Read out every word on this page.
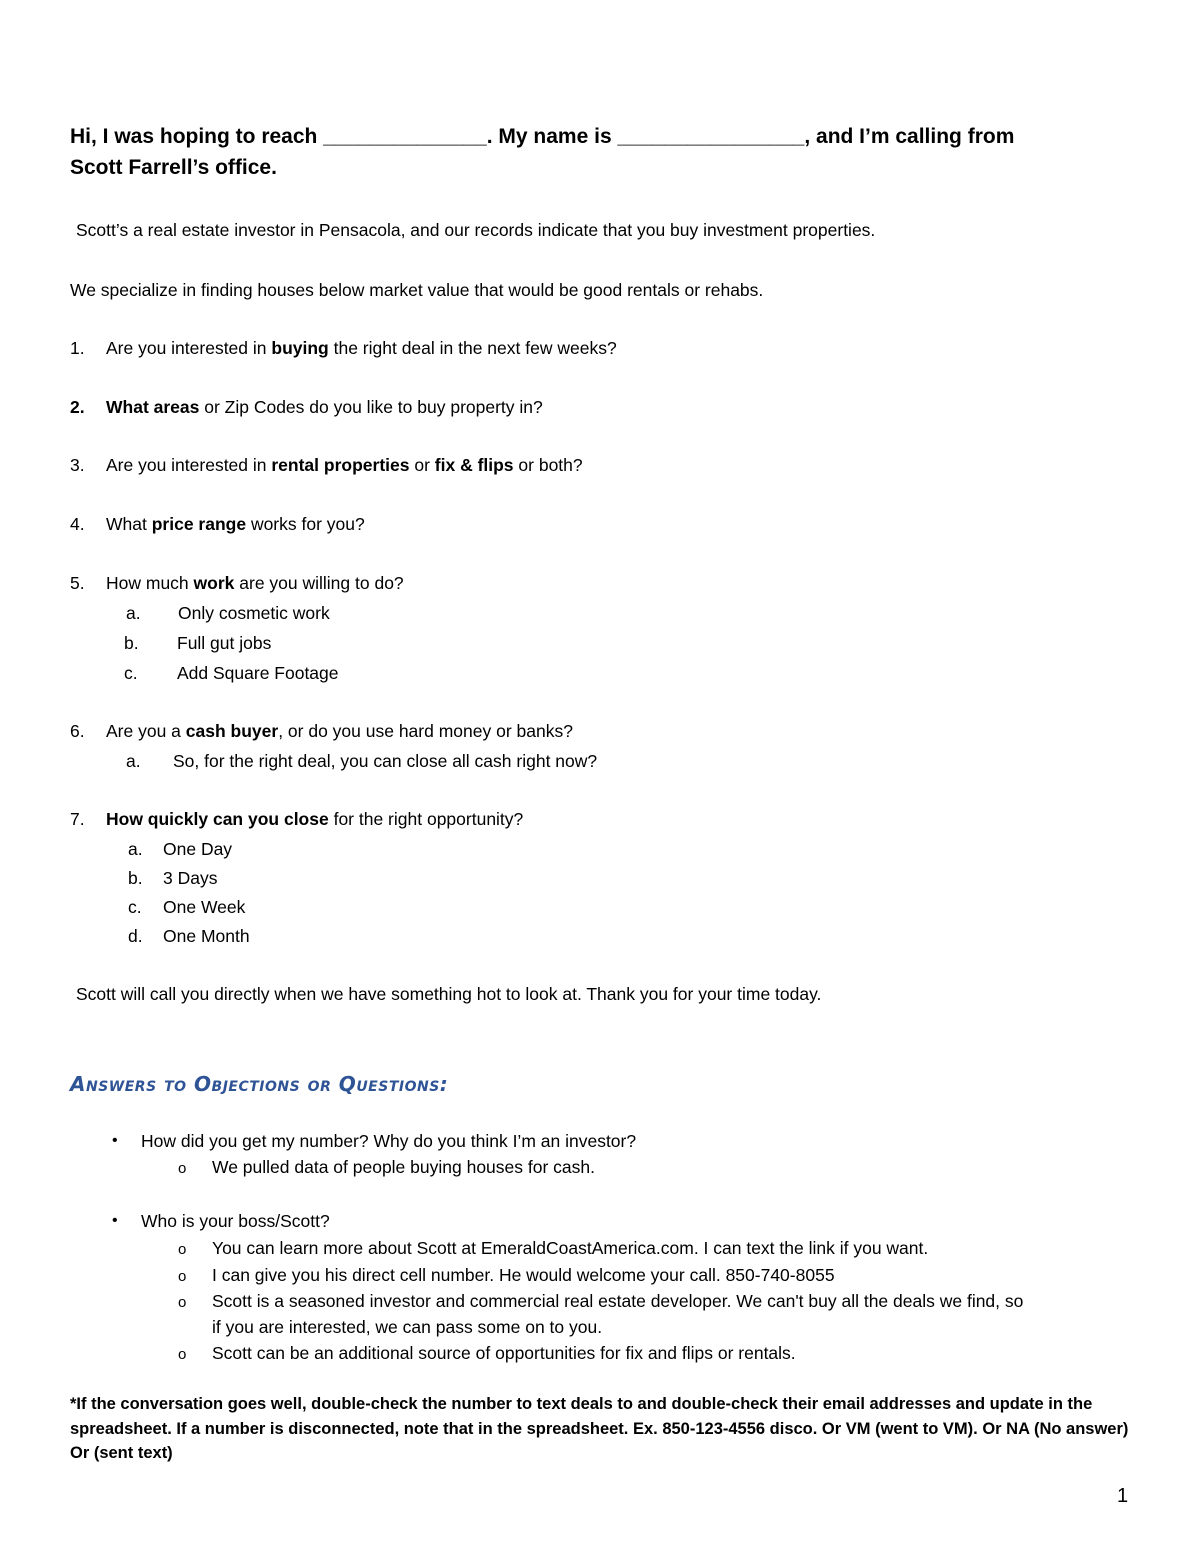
Hi, I was hoping to reach ______________. My name is ________________, and I’m calling from Scott Farrell’s office.
Scott’s a real estate investor in Pensacola, and our records indicate that you buy investment properties.
We specialize in finding houses below market value that would be good rentals or rehabs.
1.	Are you interested in buying the right deal in the next few weeks?
2.	What areas or Zip Codes do you like to buy property in?
3.	Are you interested in rental properties or fix & flips or both?
4.	What price range works for you?
5.	How much work are you willing to do?
a.	Only cosmetic work
b.	Full gut jobs
c.	Add Square Footage
6.	Are you a cash buyer, or do you use hard money or banks?
a.	So, for the right deal, you can close all cash right now?
7.	How quickly can you close for the right opportunity?
a.	One Day
b.	3 Days
c.	One Week
d.	One Month
Scott will call you directly when we have something hot to look at. Thank you for your time today.
Answers to Objections or Questions:
• How did you get my number? Why do you think I’m an investor?
o We pulled data of people buying houses for cash.
• Who is your boss/Scott?
o You can learn more about Scott at EmeraldCoastAmerica.com. I can text the link if you want.
o I can give you his direct cell number. He would welcome your call. 850-740-8055
o Scott is a seasoned investor and commercial real estate developer. We can't buy all the deals we find, so
if you are interested, we can pass some on to you.
o Scott can be an additional source of opportunities for fix and flips or rentals.
*If the conversation goes well, double-check the number to text deals to and double-check their email addresses and update in the spreadsheet. If a number is disconnected, note that in the spreadsheet. Ex. 850-123-4556 disco. Or VM (went to VM). Or NA (No answer) Or (sent text)
1
